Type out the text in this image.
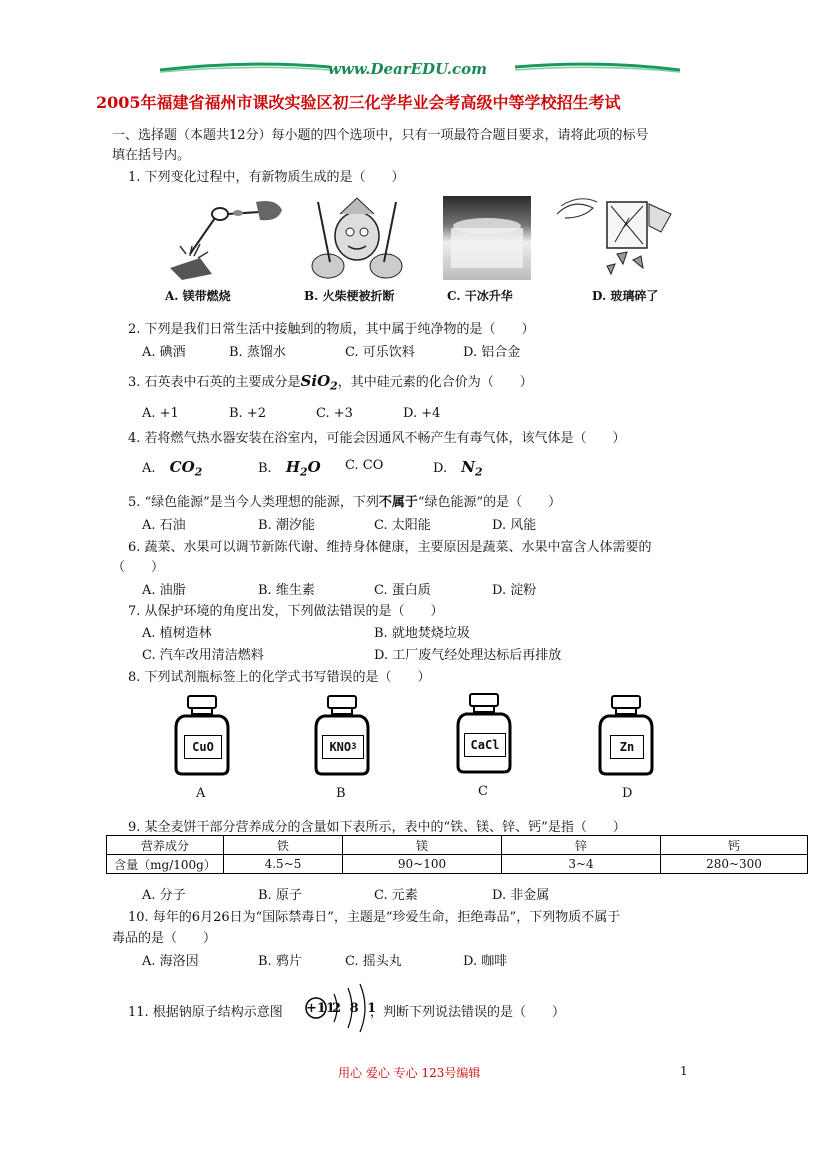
www.DearEDU.com
2005年福建省福州市课改实验区初三化学毕业会考高级中等学校招生考试
一、选择题（本题共12分）每小题的四个选项中，只有一项最符合题目要求，请将此项的标号
填在括号内。
1. 下列变化过程中，有新物质生成的是（　　）
A. 镁带燃烧	B. 火柴梗被折断	C. 干冰升华	D. 玻璃碎了
2. 下列是我们日常生活中接触到的物质，其中属于纯净物的是（　　）
A. 碘酒	B. 蒸馏水	C. 可乐饮料	D. 铝合金
3. 石英表中石英的主要成分是SiO$_2$，其中硅元素的化合价为（　　）
A. +1	B. +2	C. +3	D. +4
4. 若将燃气热水器安装在浴室内，可能会因通风不畅产生有毒气体，该气体是（　　）
A. $CO_2$	B. $H_2O$ C. CO	D. $N_2$
5. “绿色能源”是当今人类理想的能源，下列不属于“绿色能源”的是（　　）
A. 石油	B. 潮汐能	C. 太阳能	D. 风能
6. 蔬菜、水果可以调节新陈代谢、维持身体健康，主要原因是蔬菜、水果中富含人体需要的
（　　）
A. 油脂	B. 维生素	C. 蛋白质	D. 淀粉
7. 从保护环境的角度出发，下列做法错误的是（　　）
A. 植树造林	B. 就地焚烧垃圾
C. 汽车改用清洁燃料	D. 工厂废气经处理达标后再排放
8. 下列试剂瓶标签上的化学式书写错误的是（　　）
CuO
A
KNO 3
B
CaCl
C
Zn
D
9. 某全麦饼干部分营养成分的含量如下表所示，表中的“铁、镁、锌、钙”是指（　　）
营养成分	铁	镁	锌	钙
含量（mg/100g）	4.5~5	90~100	3~4	280~300
A. 分子	B. 原子	C. 元素	D. 非金属
10. 每年的6月26日为“国际禁毒日”，主题是“珍爱生命，拒绝毒品”，下列物质不属于
毒品的是（　　）
A. 海洛因	B. 鸦片	C. 摇头丸	D. 咖啡
11. 根据钠原子结构示意图 +11
2 8 1
，判断下列说法错误的是（　　）
用心 爱心 专心 123号编辑	1
